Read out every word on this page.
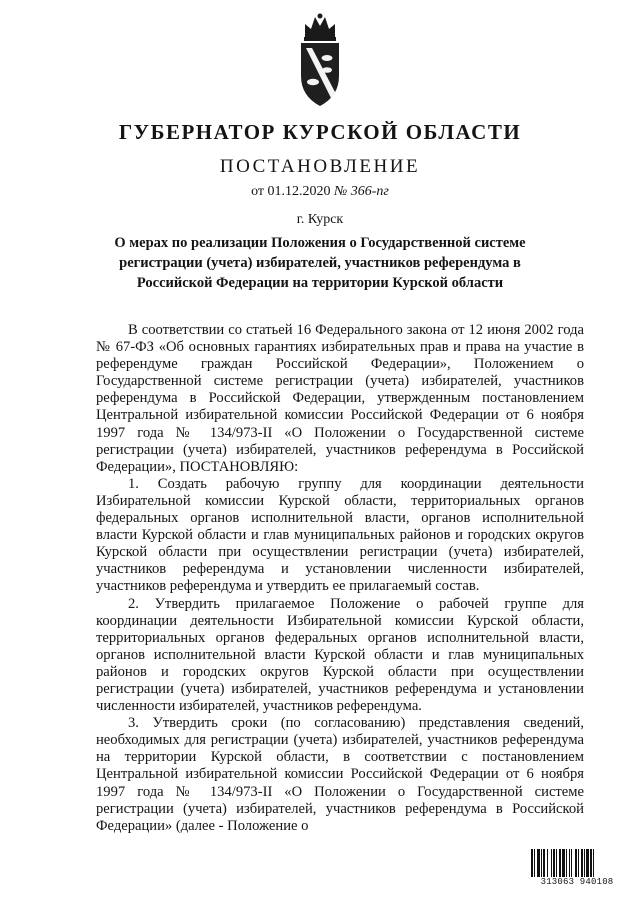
ГУБЕРНАТОР КУРСКОЙ ОБЛАСТИ
ПОСТАНОВЛЕНИЕ
от 01.12.2020 № 366-пг
г. Курск
О мерах по реализации Положения о Государственной системе
регистрации (учета) избирателей, участников референдума в
Российской Федерации на территории Курской области

В соответствии со статьей 16 Федерального закона от 12 июня 2002 года № 67-ФЗ «Об основных гарантиях избирательных прав и права на участие в референдуме граждан Российской Федерации», Положением о Государственной системе регистрации (учета) избирателей, участников референдума в Российской Федерации, утвержденным постановлением Центральной избирательной комиссии Российской Федерации от 6 ноября 1997 года № 134/973-II «О Положении о Государственной системе регистрации (учета) избирателей, участников референдума в Российской Федерации», ПОСТАНОВЛЯЮ:

1. Создать рабочую группу для координации деятельности Избирательной комиссии Курской области, территориальных органов федеральных органов исполнительной власти, органов исполнительной власти Курской области и глав муниципальных районов и городских округов Курской области при осуществлении регистрации (учета) избирателей, участников референдума и установлении численности избирателей, участников референдума и утвердить ее прилагаемый состав.

2. Утвердить прилагаемое Положение о рабочей группе для координации деятельности Избирательной комиссии Курской области, территориальных органов федеральных органов исполнительной власти, органов исполнительной власти Курской области и глав муниципальных районов и городских округов Курской области при осуществлении регистрации (учета) избирателей, участников референдума и установлении численности избирателей, участников референдума.

3. Утвердить сроки (по согласованию) представления сведений, необходимых для регистрации (учета) избирателей, участников референдума на территории Курской области, в соответствии с постановлением Центральной избирательной комиссии Российской Федерации от 6 ноября 1997 года № 134/973-II «О Положении о Государственной системе регистрации (учета) избирателей, участников референдума в Российской Федерации» (далее - Положение о

313063 940108
